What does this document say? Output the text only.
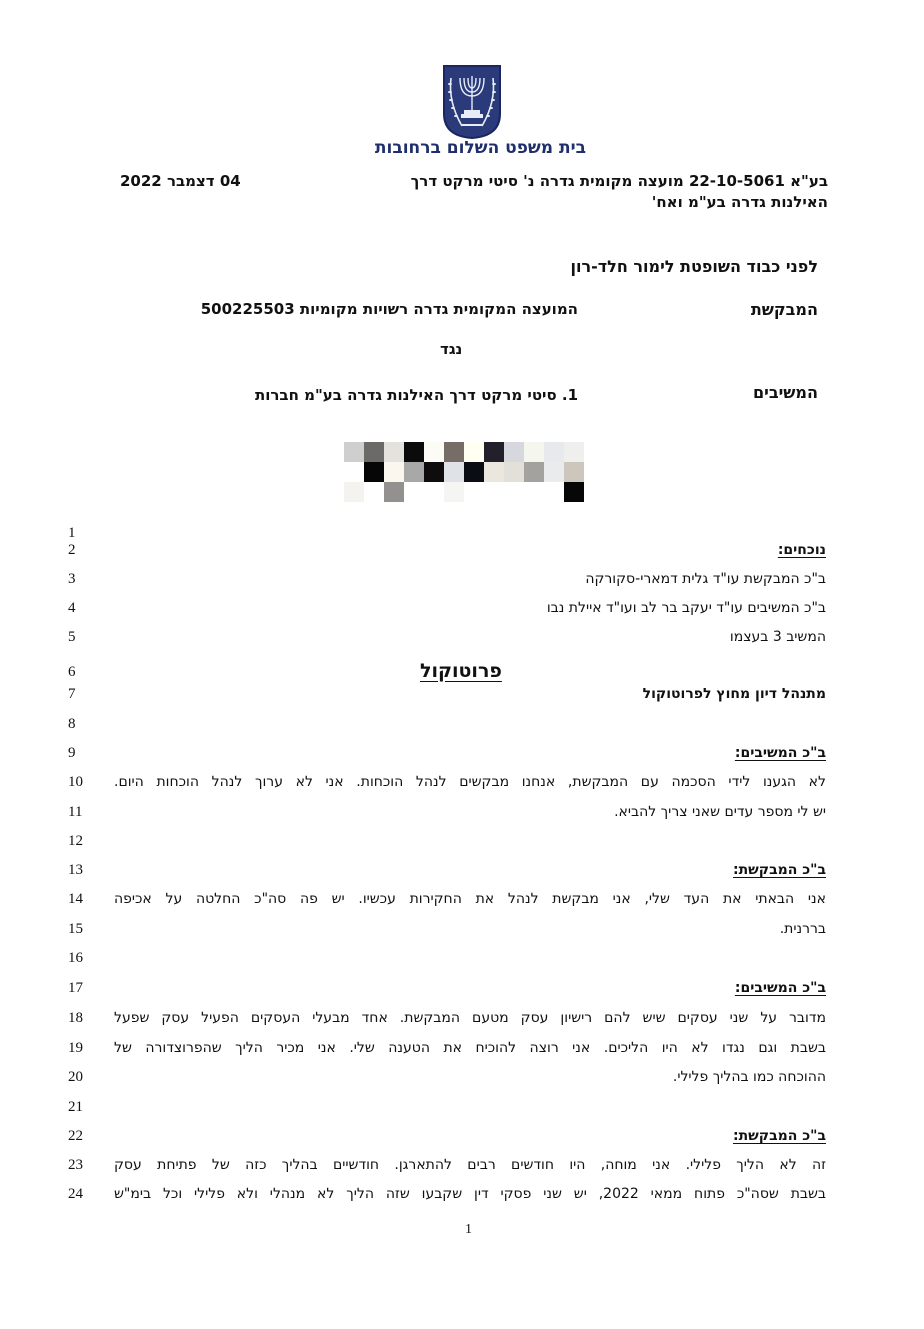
בית משפט השלום ברחובות
בע"א 22-10-5061 מועצה מקומית גדרה נ' סיטי מרקט דרך
האילנות גדרה בע"מ ואח'
04 דצמבר 2022
לפני כבוד השופטת לימור חלד-רון
המבקשת
המועצה המקומית גדרה רשויות מקומיות 500225503
נגד
המשיבים
1. סיטי מרקט דרך האילנות גדרה בע"מ חברות
פרוטוקול
1
2
3
4
5
6
7
8
9
10
11
12
13
14
15
16
17
18
19
20
21
22
23
24
נוכחים:
ב"כ המבקשת עו"ד גלית דמארי-סקורקה
ב"כ המשיבים עו"ד יעקב בר לב ועו"ד איילת נבו
המשיב 3 בעצמו
מתנהל דיון מחוץ לפרוטוקול
ב"כ המשיבים:
לא הגענו לידי הסכמה עם המבקשת, אנחנו מבקשים לנהל הוכחות. אני לא ערוך לנהל הוכחות היום.
יש לי מספר עדים שאני צריך להביא.
ב"כ המבקשת:
אני הבאתי את העד שלי, אני מבקשת לנהל את החקירות עכשיו. יש פה סה"כ החלטה על אכיפה
בררנית.
ב"כ המשיבים:
מדובר על שני עסקים שיש להם רישיון עסק מטעם המבקשת. אחד מבעלי העסקים הפעיל עסק שפעל
בשבת וגם נגדו לא היו הליכים. אני רוצה להוכיח את הטענה שלי. אני מכיר הליך שהפרוצדורה של
ההוכחה כמו בהליך פלילי.
ב"כ המבקשת:
זה לא הליך פלילי. אני מוחה, היו חודשים רבים להתארגן. חודשיים בהליך כזה של פתיחת עסק
בשבת שסה"כ פתוח ממאי 2022, יש שני פסקי דין שקבעו שזה הליך לא מנהלי ולא פלילי וכל בימ"ש
1
